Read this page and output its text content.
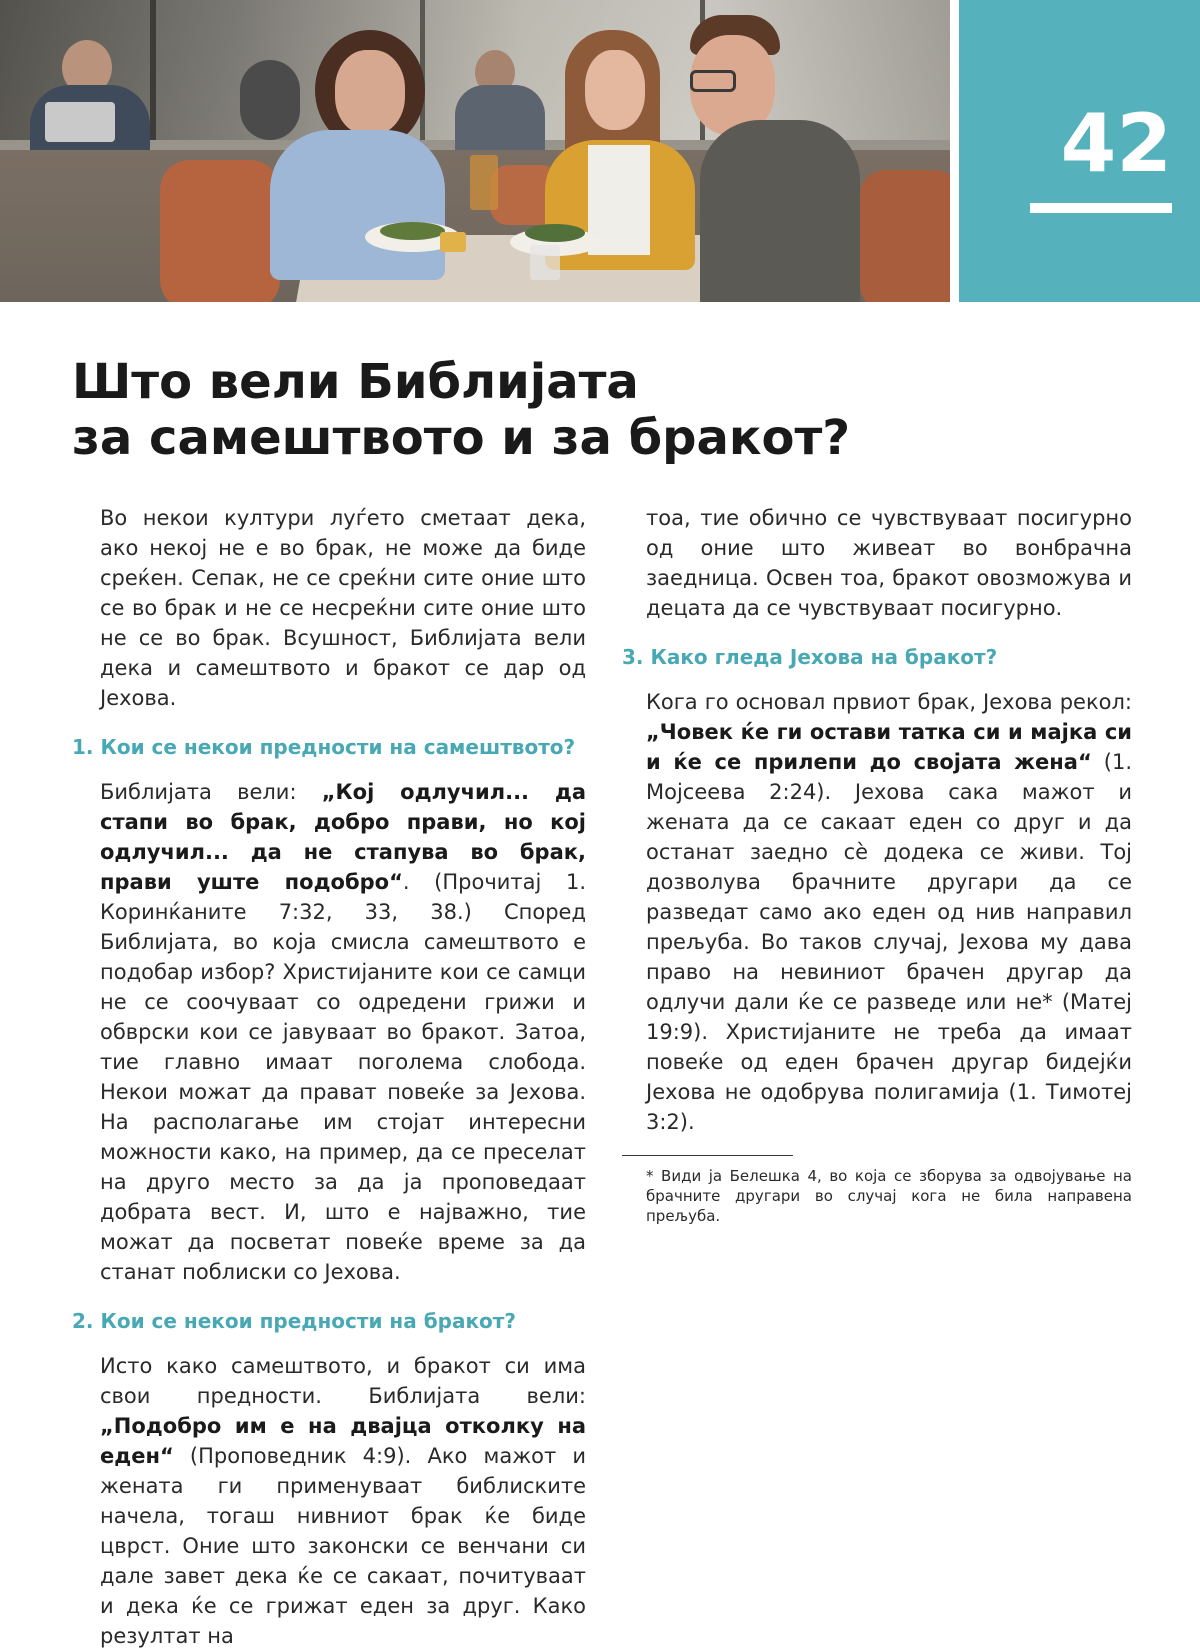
42
Што вели Библијата
за самештвото и за бракот?

Во некои култури луѓето сметаат дека, ако некој не е во брак, не може да биде среќен. Сепак, не се среќни сите оние што се во брак и не се несреќни сите оние што не се во брак. Всушност, Библијата вели дека и самештвото и бракот се дар од Јехова.

1. Кои се некои предности на самештвото?

Библијата вели: „Кој одлучил... да стапи во брак, добро прави, но кој одлучил... да не стапува во брак, прави уште подобро“. (Прочитај 1. Коринќаните 7:32, 33, 38.) Според Библијата, во која смисла самештвото е подобар избор? Христијаните кои се самци не се соочуваат со одредени грижи и обврски кои се јавуваат во бракот. Затоа, тие главно имаат поголема слобода. Некои можат да прават повеќе за Јехова. На располагање им стојат интересни можности како, на пример, да се преселат на друго место за да ја проповедаат добрата вест. И, што е најважно, тие можат да посветат повеќе време за да станат поблиски со Јехова.

2. Кои се некои предности на бракот?

Исто како самештвото, и бракот си има свои предности. Библијата вели: „Подобро им е на двајца отколку на еден“ (Проповедник 4:9). Ако мажот и жената ги применуваат библиските начела, тогаш нивниот брак ќе биде цврст. Оние што законски се венчани си дале завет дека ќе се сакаат, почитуваат и дека ќе се грижат еден за друг. Како резултат на

тоа, тие обично се чувствуваат посигурно од оние што живеат во вонбрачна заедница. Освен тоа, бракот овозможува и децата да се чувствуваат посигурно.

3. Како гледа Јехова на бракот?

Кога го основал првиот брак, Јехова рекол: „Човек ќе ги остави татка си и мајка си и ќе се прилепи до својата жена“ (1. Мојсеева 2:24). Јехова сака мажот и жената да се сакаат еден со друг и да останат заедно сѐ додека се живи. Тој дозволува брачните другари да се разведат само ако еден од нив направил прељуба. Во таков случај, Јехова му дава право на невиниот брачен другар да одлучи дали ќе се разведе или не* (Матеј 19:9). Христијаните не треба да имаат повеќе од еден брачен другар бидејќи Јехова не одобрува полигамија (1. Тимотеј 3:2).

* Види ја Белешка 4, во која се зборува за одвојување на брачните другари во случај кога не била направена прељуба.
